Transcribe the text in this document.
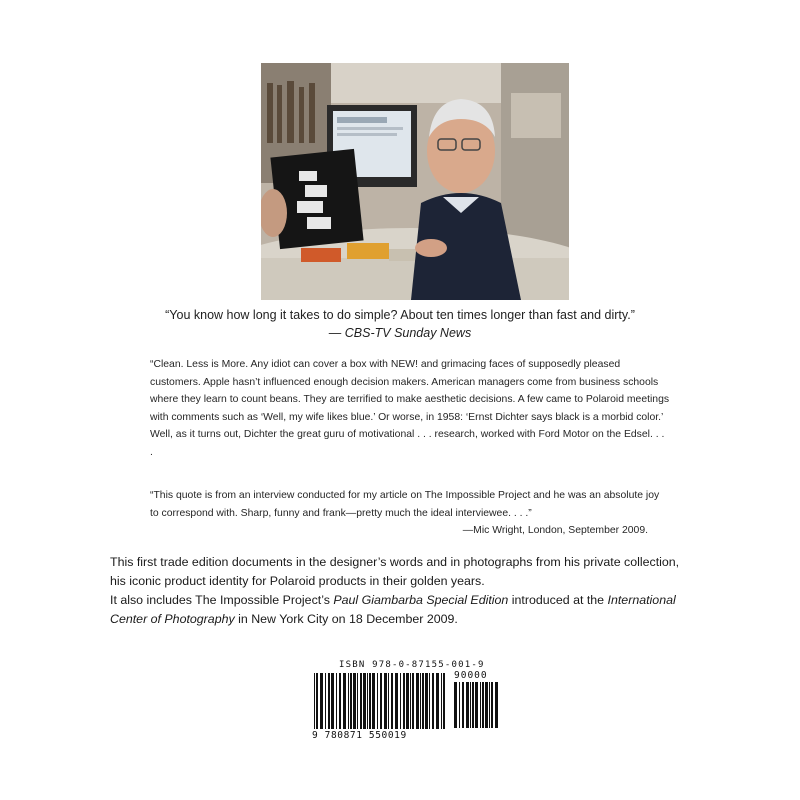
“You know how long it takes to do simple? About ten times longer than fast and dirty.”
— CBS-TV Sunday News
“Clean. Less is More. Any idiot can cover a box with NEW! and grimacing faces of supposedly pleased customers. Apple hasn’t influenced enough decision makers. American managers come from business schools where they learn to count beans. They are terrified to make aesthetic decisions. A few came to Polaroid meetings with comments such as ‘Well, my wife likes blue.’ Or worse, in 1958: ‘Ernst Dichter says black is a morbid color.’ Well, as it turns out, Dichter the great guru of motivational . . . research, worked with Ford Motor on the Edsel. . . .

“This quote is from an interview conducted for my article on The Impossible Project and he was an absolute joy to correspond with. Sharp, funny and frank—pretty much the ideal interviewee. . . .”

—Mic Wright, London, September 2009.
This first trade edition documents in the designer’s words and in photographs from his private collection, his iconic product identity for Polaroid products in their golden years.
It also includes The Impossible Project’s Paul Giambarba Special Edition introduced at the International Center of Photography in New York City on 18 December 2009.
ISBN 978-0-87155-001-9
90000
9 780871 550019
